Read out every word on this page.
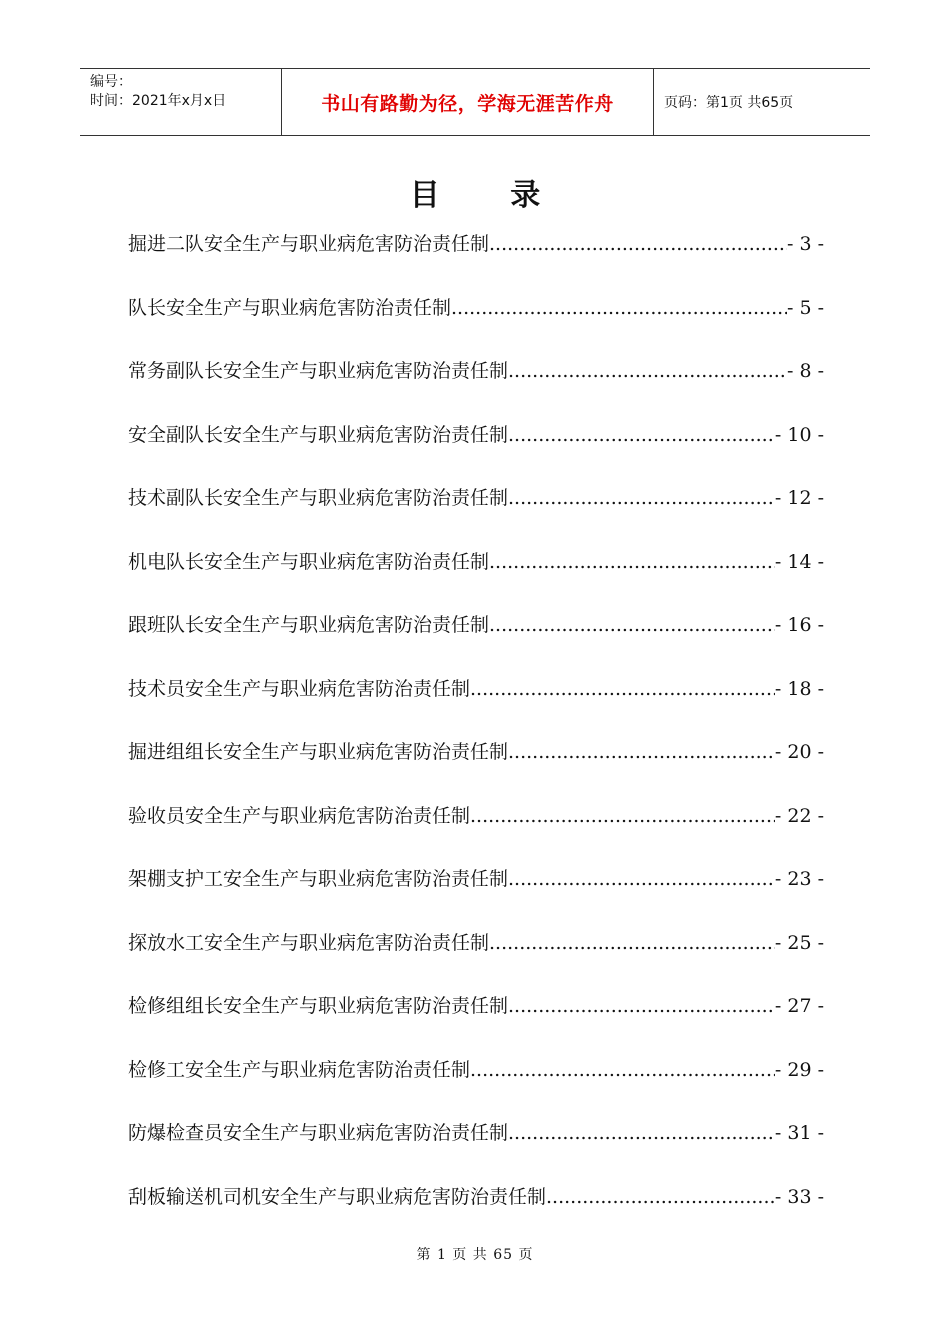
编号：
时间：2021年x月x日	书山有路勤为径，学海无涯苦作舟	页码：第1页 共65页
目 录
掘进二队安全生产与职业病危害防治责任制 .....	- 3 -
队长安全生产与职业病危害防治责任制 .....	- 5 -
常务副队长安全生产与职业病危害防治责任制 .....	- 8 -
安全副队长安全生产与职业病危害防治责任制 .....	- 10 -
技术副队长安全生产与职业病危害防治责任制 .....	- 12 -
机电队长安全生产与职业病危害防治责任制 .....	- 14 -
跟班队长安全生产与职业病危害防治责任制 .....	- 16 -
技术员安全生产与职业病危害防治责任制 .....	- 18 -
掘进组组长安全生产与职业病危害防治责任制 .....	- 20 -
验收员安全生产与职业病危害防治责任制 .....	- 22 -
架棚支护工安全生产与职业病危害防治责任制 .....	- 23 -
探放水工安全生产与职业病危害防治责任制 .....	- 25 -
检修组组长安全生产与职业病危害防治责任制 .....	- 27 -
检修工安全生产与职业病危害防治责任制 .....	- 29 -
防爆检查员安全生产与职业病危害防治责任制 .....	- 31 -
刮板输送机司机安全生产与职业病危害防治责任制 .....	- 33 -
第 1 页 共 65 页
